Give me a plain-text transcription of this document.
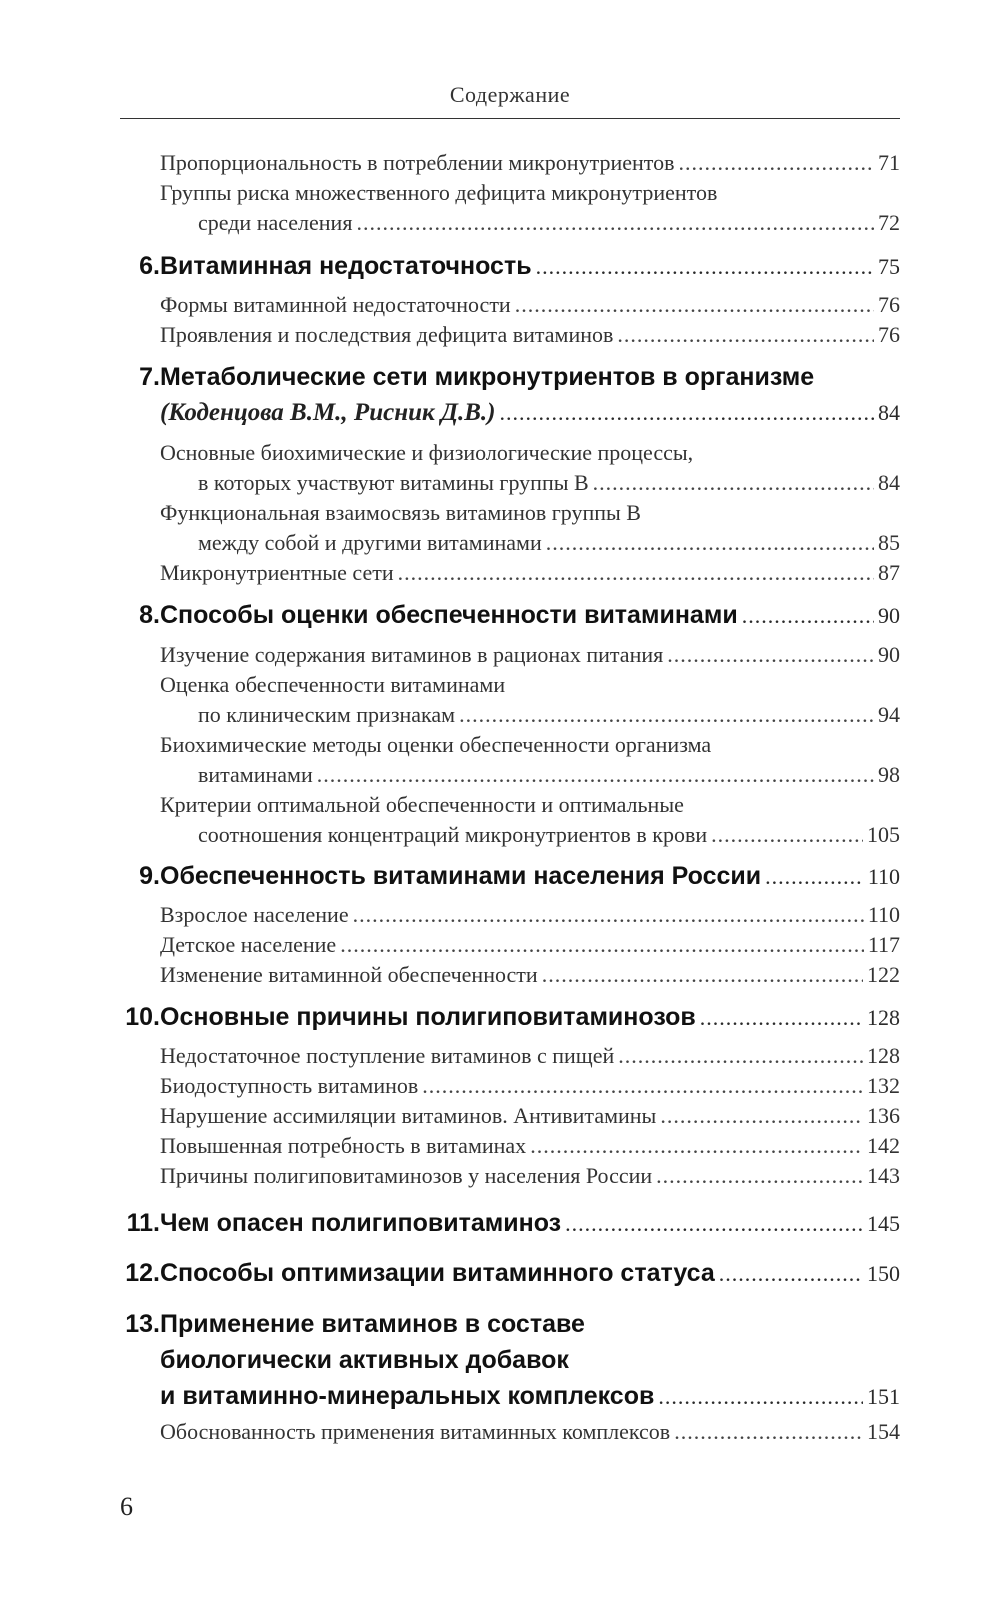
Содержание
Пропорциональность в потреблении микронутриентов .....	71
Группы риска множественного дефицита микронутриентов
среди населения .....	72
6. Витаминная недостаточность .....	75
Формы витаминной недостаточности .....	76
Проявления и последствия дефицита витаминов .....	76
7. Метаболические сети микронутриентов в организме
(Коденцова В.М., Рисник Д.В.) .....	84
Основные биохимические и физиологические процессы,
в которых участвуют витамины группы В .....	84
Функциональная взаимосвязь витаминов группы В
между собой и другими витаминами .....	85
Микронутриентные сети .....	87
8. Способы оценки обеспеченности витаминами .....	90
Изучение содержания витаминов в рационах питания .....	90
Оценка обеспеченности витаминами
по клиническим признакам .....	94
Биохимические методы оценки обеспеченности организма
витаминами .....	98
Критерии оптимальной обеспеченности и оптимальные
соотношения концентраций микронутриентов в крови .....	105
9. Обеспеченность витаминами населения России .....	110
Взрослое население .....	110
Детское население .....	117
Изменение витаминной обеспеченности .....	122
10. Основные причины полигиповитаминозов .....	128
Недостаточное поступление витаминов с пищей .....	128
Биодоступность витаминов .....	132
Нарушение ассимиляции витаминов. Антивитамины .....	136
Повышенная потребность в витаминах .....	142
Причины полигиповитаминозов у населения России .....	143
11. Чем опасен полигиповитаминоз .....	145
12. Способы оптимизации витаминного статуса .....	150
13. Применение витаминов в составе
биологически активных добавок
и витаминно-минеральных комплексов .....	151
Обоснованность применения витаминных комплексов .....	154
6
